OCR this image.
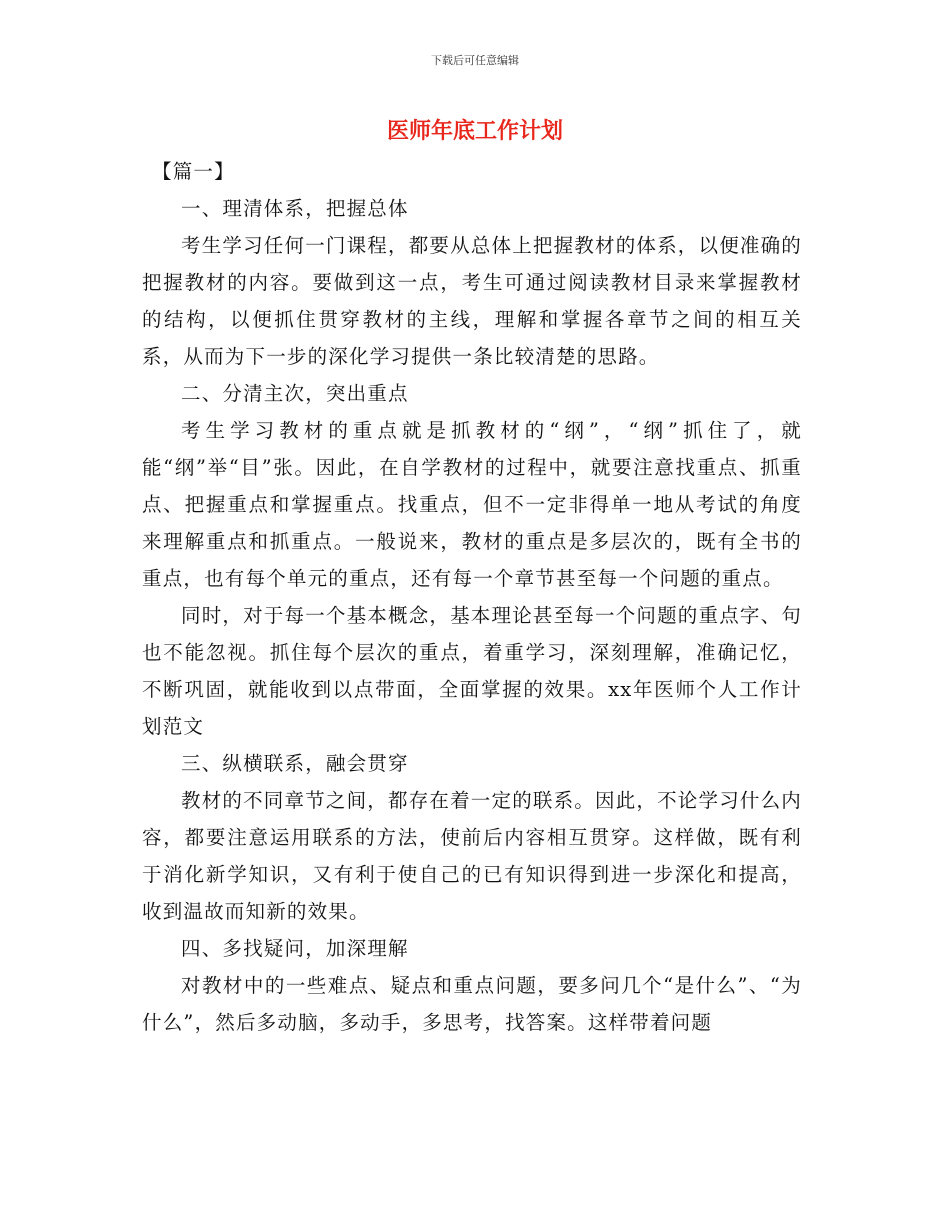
下载后可任意编辑
医师年底工作计划

【篇一】

一、理清体系，把握总体

考生学习任何一门课程，都要从总体上把握教材的体系，以便准确的把握教材的内容。要做到这一点，考生可通过阅读教材目录来掌握教材的结构，以便抓住贯穿教材的主线，理解和掌握各章节之间的相互关系，从而为下一步的深化学习提供一条比较清楚的思路。

二、分清主次，突出重点

考生学习教材的重点就是抓教材的“纲”，“纲”抓住了，就能“纲”举“目”张。因此，在自学教材的过程中，就要注意找重点、抓重点、把握重点和掌握重点。找重点，但不一定非得单一地从考试的角度来理解重点和抓重点。一般说来，教材的重点是多层次的，既有全书的重点，也有每个单元的重点，还有每一个章节甚至每一个问题的重点。

同时，对于每一个基本概念，基本理论甚至每一个问题的重点字、句也不能忽视。抓住每个层次的重点，着重学习，深刻理解，准确记忆，不断巩固，就能收到以点带面，全面掌握的效果。xx年医师个人工作计划范文

三、纵横联系，融会贯穿

教材的不同章节之间，都存在着一定的联系。因此，不论学习什么内容，都要注意运用联系的方法，使前后内容相互贯穿。这样做，既有利于消化新学知识，又有利于使自己的已有知识得到进一步深化和提高，收到温故而知新的效果。

四、多找疑问，加深理解

对教材中的一些难点、疑点和重点问题，要多问几个“是什么”、“为什么”，然后多动脑，多动手，多思考，找答案。这样带着问题
